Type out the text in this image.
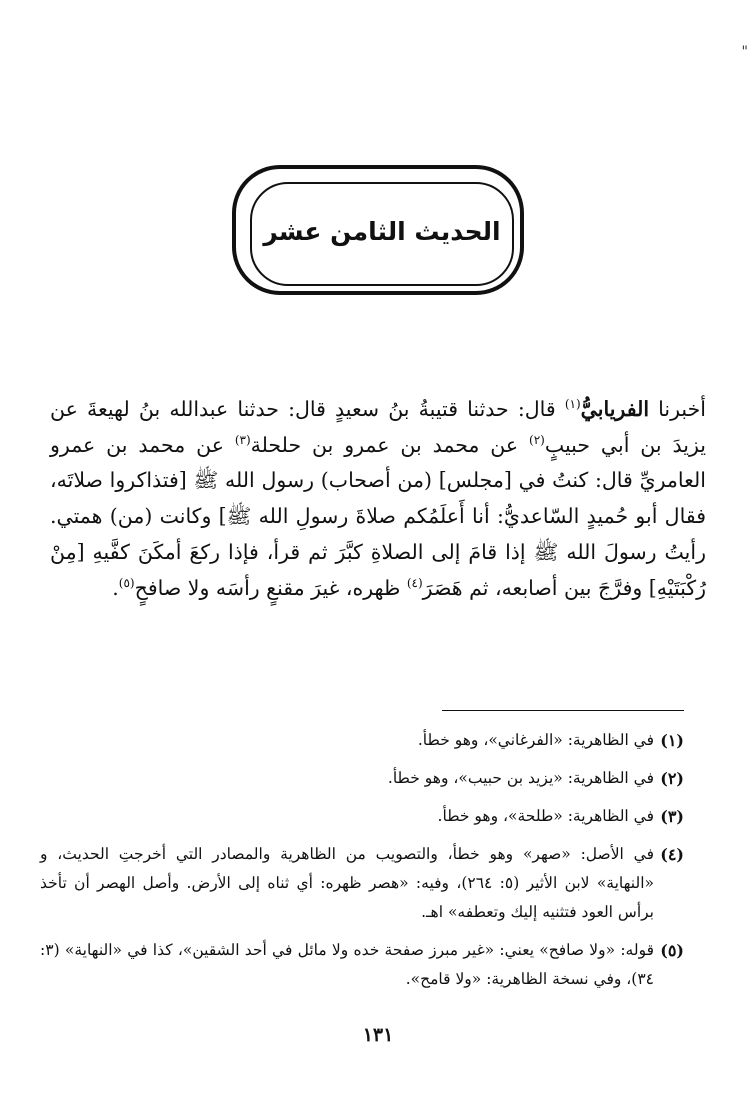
"
الحديث الثامن عشر

أخبرنا الفريابيُّ$^{(١)}$ قال: حدثنا قتيبةُ بنُ سعيدٍ قال: حدثنا عبدالله بنُ لهيعةَ عن يزيدَ بن أبي حبيبٍ$^{(٢)}$ عن محمد بن عمرو بن حلحلة$^{(٣)}$ عن محمد بن عمرو العامريِّ قال: كنتُ في [مجلس] (من أصحاب) رسول الله ﷺ [فتذاكروا صلاتَه، فقال أبو حُميدٍ السّاعديُّ: أنا أَعلَمُكم صلاةَ رسولِ الله ﷺ] وكانت (من) همتي. رأيتُ رسولَ الله ﷺ إذا قامَ إلى الصلاةِ كبَّرَ ثم قرأ، فإذا ركعَ أمكَنَ كفَّيهِ [مِنْ رُكْبَتَيْهِ] وفرَّجَ بين أصابعه، ثم هَصَرَ$^{(٤)}$ ظهره، غيرَ مقنعٍ رأسَه ولا صافحٍ$^{(٥)}$.

(١)
في الظاهرية: «الفرغاني»، وهو خطأ.
(٢)
في الظاهرية: «يزيد بن حبيب»، وهو خطأ.
(٣)
في الظاهرية: «طلحة»، وهو خطأ.
(٤)
في الأصل: «صهر» وهو خطأ، والتصويب من الظاهرية والمصادر التي أخرجتِ الحديث، و «النهاية» لابن الأثير (٥: ٢٦٤)، وفيه: «هصر ظهره: أي ثناه إلى الأرض. وأصل الهصر أن تأخذ برأس العود فتثنيه إليك وتعطفه» اهـ.
(٥)
قوله: «ولا صافح» يعني: «غير مبرز صفحة خده ولا مائل في أحد الشقين»، كذا في «النهاية» (٣: ٣٤)، وفي نسخة الظاهرية: «ولا قامح».
١٣١
